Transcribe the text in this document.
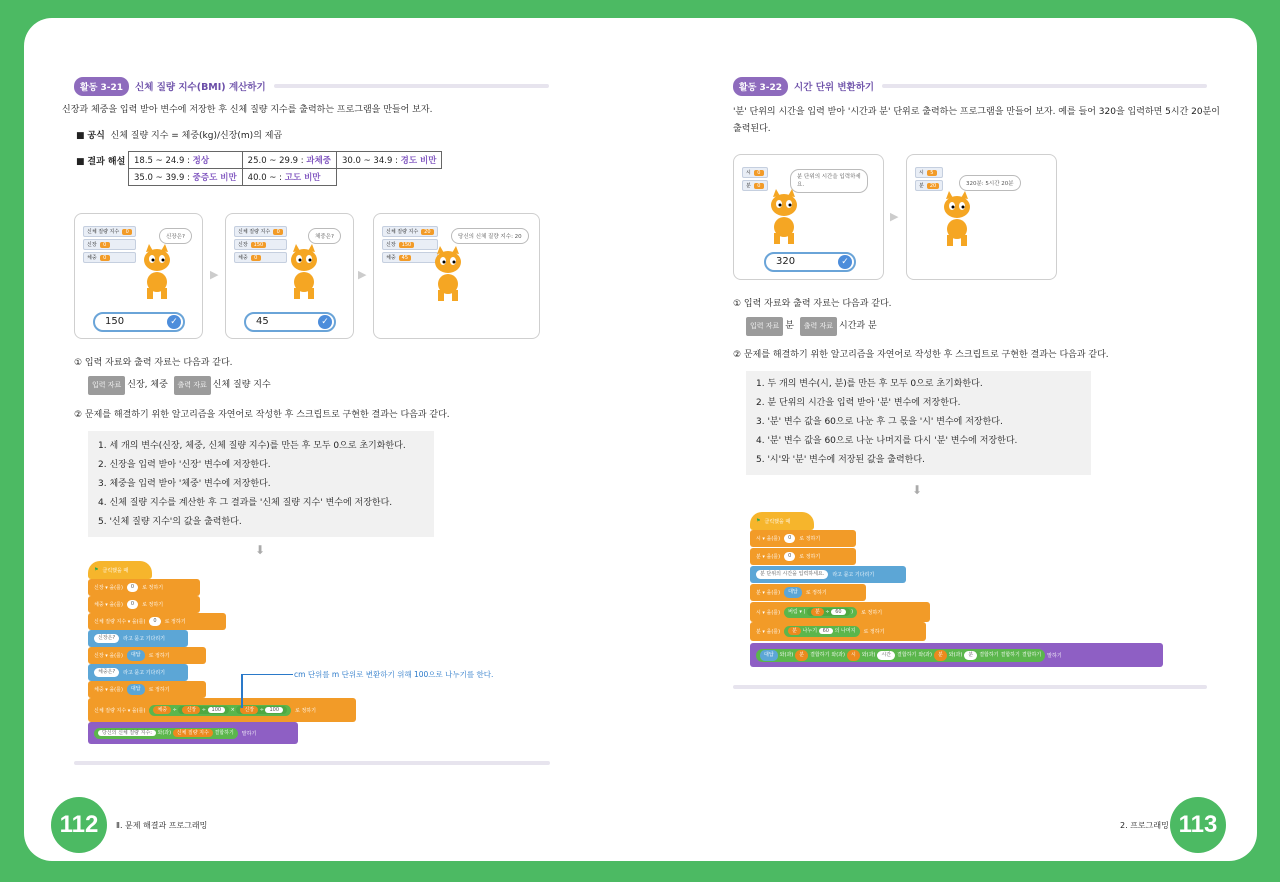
활동 3-21	신체 질량 지수(BMI) 계산하기
신장과 체중을 입력 받아 변수에 저장한 후 신체 질량 지수를 출력하는 프로그램을 만들어 보자.
■ 공식 신체 질량 지수 = 체중(kg)/신장(m)의 제곱
■ 결과 해설 18.5 ~ 24.9 : 정상	25.0 ~ 29.9 : 과체중	30.0 ~ 34.9 : 경도 비만
35.0 ~ 39.9 : 중증도 비만	40.0 ~ : 고도 비만	
신체 질량 지수	0
신장	0
체중	0
신장은?
150	✓
▶
신체 질량 지수	0
신장	150
체중	0
체중은?
45	✓
▶
신체 질량 지수	20
신장	150
체중	45
당신의 신체 질량 지수: 20
① 입력 자료와 출력 자료는 다음과 같다.
입력 자료 신장, 체중 출력 자료 신체 질량 지수
② 문제를 해결하기 위한 알고리즘을 자연어로 작성한 후 스크립트로 구현한 결과는 다음과 같다.
1. 세 개의 변수(신장, 체중, 신체 질량 지수)를 만든 후 모두 0으로 초기화한다.
2. 신장을 입력 받아 '신장' 변수에 저장한다.
3. 체중을 입력 받아 '체중' 변수에 저장한다.
4. 신체 질량 지수를 계산한 후 그 결과를 '신체 질량 지수' 변수에 저장한다.
5. '신체 질량 지수'의 값을 출력한다.
⬇
⚑ 클릭했을 때
신장 ▾ 을(를)	0	로 정하기
체중 ▾ 을(를)	0	로 정하기
신체 질량 지수 ▾ 을(를)	0	로 정하기
신장은?	라고 묻고 기다리기
신장 ▾ 을(를)	대답	로 정하기
체중은?	라고 묻고 기다리기
체중 ▾ 을(를)	대답	로 정하기
신체 질량 지수 ▾ 을(를)	체중 ÷ 신장 ÷ 100 × 신장 ÷ 100	로 정하기
당신의 신체 질량 지수: 와(과) 신체 질량 지수 결합하기	말하기
cm 단위를 m 단위로 변환하기 위해 100으로 나누기를 한다.
112	Ⅱ. 문제 해결과 프로그래밍
활동 3-22	시간 단위 변환하기
'분' 단위의 시간을 입력 받아 '시간과 분' 단위로 출력하는 프로그램을 만들어 보자. 예를 들어 320을 입력하면 5시간 20분이
출력된다.
시	0
분	0
분 단위의 시간을 입력하세요.
320	✓
▶
시	5
분	20	320분: 5시간 20분
① 입력 자료와 출력 자료는 다음과 같다.
입력 자료 분 출력 자료 시간과 분
② 문제를 해결하기 위한 알고리즘을 자연어로 작성한 후 스크립트로 구현한 결과는 다음과 같다.
1. 두 개의 변수(시, 분)를 만든 후 모두 0으로 초기화한다.
2. 분 단위의 시간을 입력 받아 '분' 변수에 저장한다.
3. '분' 변수 값을 60으로 나눈 후 그 몫을 '시' 변수에 저장한다.
4. '분' 변수 값을 60으로 나눈 나머지를 다시 '분' 변수에 저장한다.
5. '시'와 '분' 변수에 저장된 값을 출력한다.
⬇
⚑ 클릭했을 때
시 ▾ 을(를)	0	로 정하기
분 ▾ 을(를)	0	로 정하기
분 단위의 시간을 입력하세요.	라고 묻고 기다리기
분 ▾ 을(를)	대답	로 정하기
시 ▾ 을(를)	버림 ▾ ( 분 ÷ 60 )	로 정하기
분 ▾ 을(를)	분 나누기 60 의 나머지	로 정하기
대답	와(과)	분	결합하기 와(과)	시	와(과)	시간	결합하기 와(과)	분	와(과)	분	결합하기 결합하기 결합하기 말하기
2. 프로그래밍 113
